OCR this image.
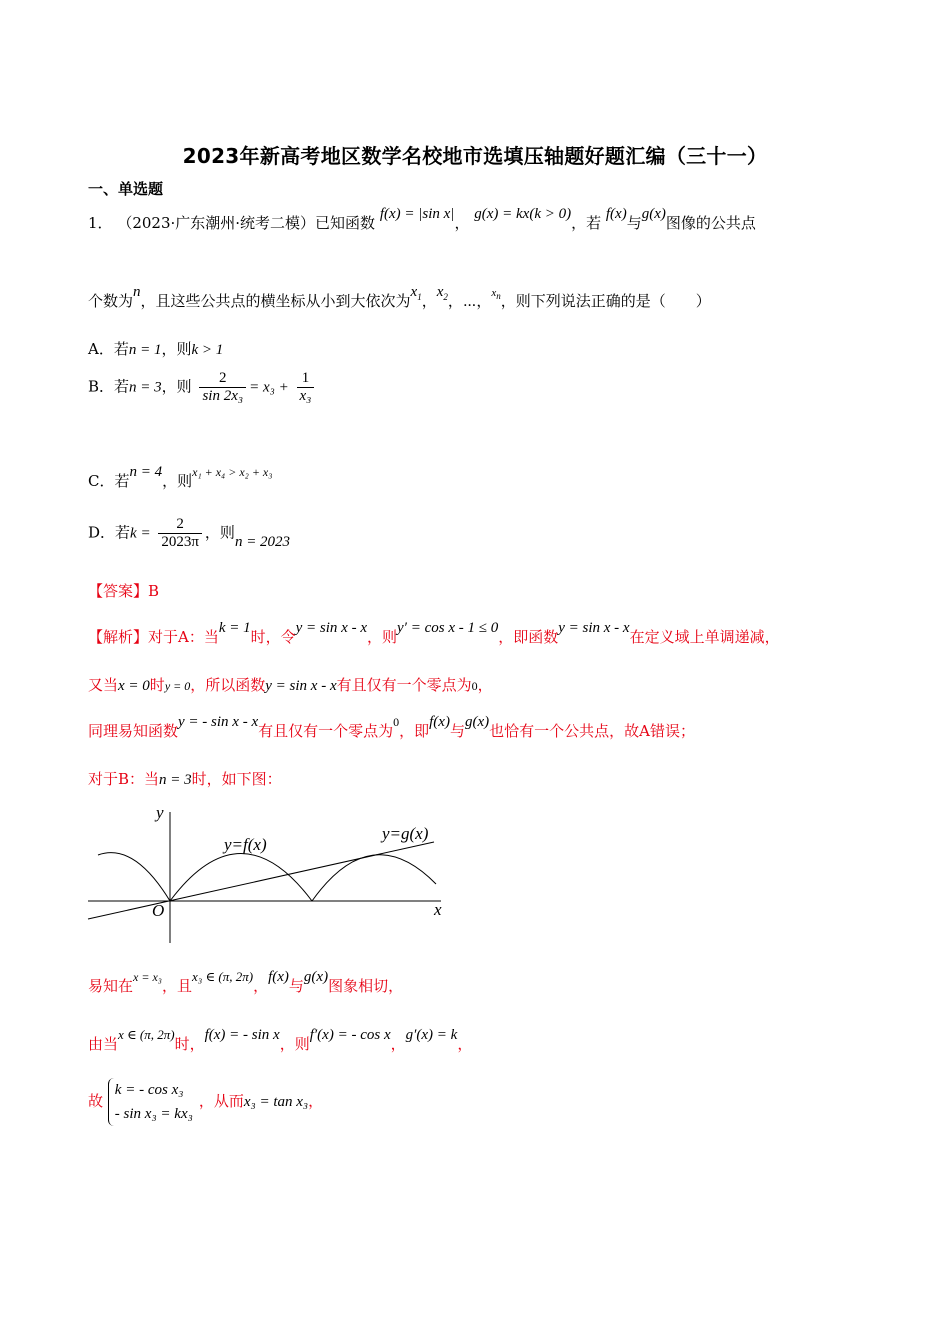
2023年新高考地区数学名校地市选填压轴题好题汇编（三十一）
一、单选题
1． （2023·广东潮州·统考二模）已知函数 f(x) = |sin x|， g(x) = kx(k > 0)，若 f(x)与g(x)图像的公共点
个数为n，且这些公共点的横坐标从小到大依次为$x_1$，$x_2$，⋯，$^{x_n}$，则下列说法正确的是（　　）
A．若n = 1，则k > 1
B．若n = 3，则 $\frac{2}{\text{sin 2x₃}} = x_3 + \frac{1}{\text{x₃}}$
C．若n = 4，则$^{x_1 + x_4 > x_2 + x_3}$
D．若$k = \frac{2}{2023\pi}$ ，则n = 2023
【答案】B
【解析】对于A：当k = 1时，令y = sin x - x，则y′ = cos x - 1 ≤ 0，即函数y = sin x - x在定义域上单调递减，
又当x = 0时y = 0，所以函数y = sin x - x有且仅有一个零点为0，
同理易知函数y = - sin x - x有且仅有一个零点为$^0$，即f(x)与g(x)也恰有一个公共点，故A错误；
对于B：当n = 3时，如下图：
y
x
O
y=f(x)
y=g(x)
易知在$^{x = x_3}$，且x₃ ∈ (π, 2π)，f(x)与g(x)图象相切，
由当x ∈ (π, 2π)时，f(x) = - sin x，则f′(x) = - cos x，g′(x) = k，
故
k = - cos x₃
- sin x₃ = kx₃
，从而x₃ = tan x₃，
